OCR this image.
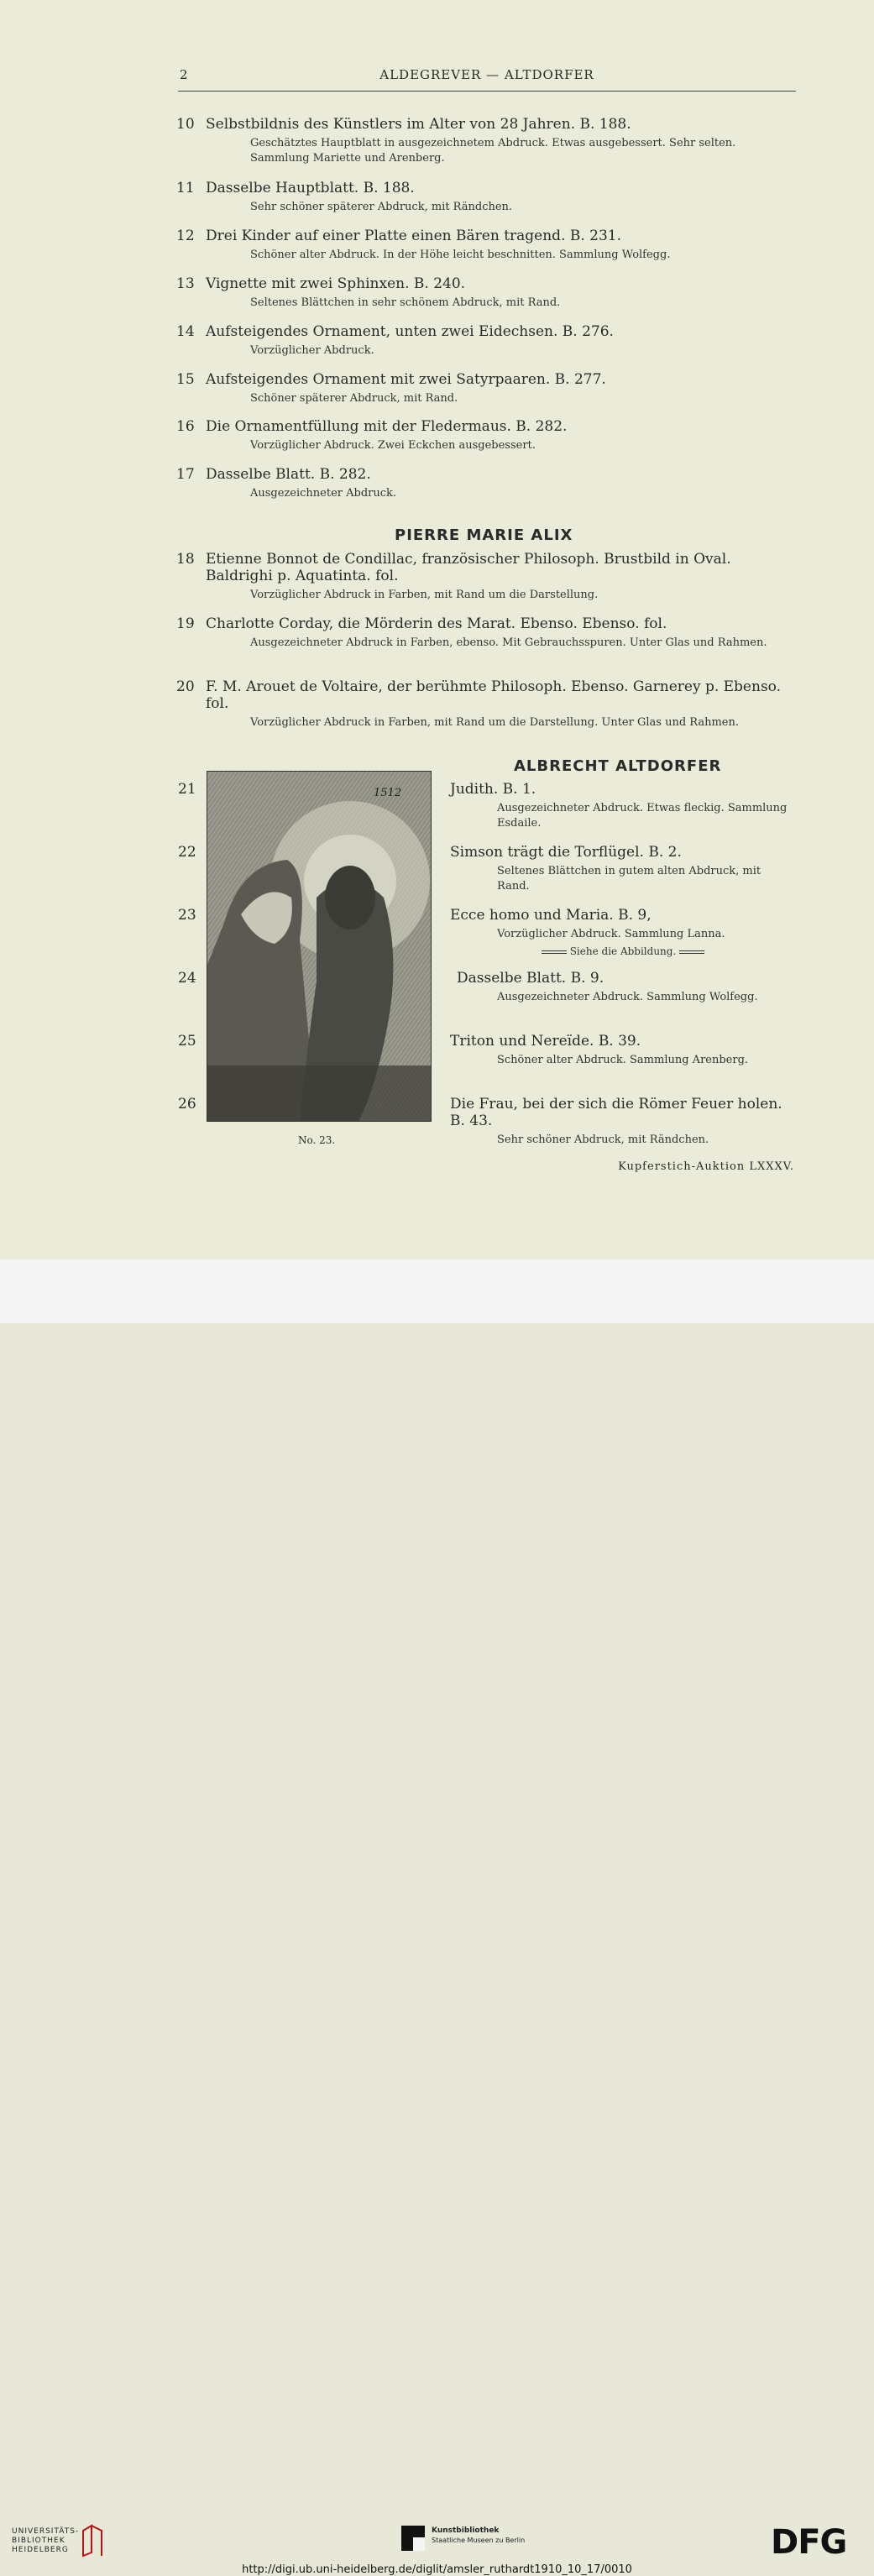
2	ALDEGREVER — ALTDORFER
10 Selbstbildnis des Künstlers im Alter von 28 Jahren. B. 188.
Geschätztes Hauptblatt in ausgezeichnetem Abdruck. Etwas ausgebessert. Sehr selten. Sammlung Mariette und Arenberg.
11 Dasselbe Hauptblatt. B. 188.
Sehr schöner späterer Abdruck, mit Rändchen.
12 Drei Kinder auf einer Platte einen Bären tragend. B. 231.
Schöner alter Abdruck. In der Höhe leicht beschnitten. Sammlung Wolfegg.
13 Vignette mit zwei Sphinxen. B. 240.
Seltenes Blättchen in sehr schönem Abdruck, mit Rand.
14 Aufsteigendes Ornament, unten zwei Eidechsen. B. 276.
Vorzüglicher Abdruck.
15 Aufsteigendes Ornament mit zwei Satyrpaaren. B. 277.
Schöner späterer Abdruck, mit Rand.
16 Die Ornamentfüllung mit der Fledermaus. B. 282.
Vorzüglicher Abdruck. Zwei Eckchen ausgebessert.
17 Dasselbe Blatt. B. 282.
Ausgezeichneter Abdruck.
PIERRE MARIE ALIX
18 Etienne Bonnot de Condillac, französischer Philosoph. Brustbild in Oval. Baldrighi p. Aquatinta. fol.
Vorzüglicher Abdruck in Farben, mit Rand um die Darstellung.
19 Charlotte Corday, die Mörderin des Marat. Ebenso. Ebenso. fol.
Ausgezeichneter Abdruck in Farben, ebenso. Mit Gebrauchsspuren. Unter Glas und Rahmen.
20 F. M. Arouet de Voltaire, der berühmte Philosoph. Ebenso. Garnerey p. Ebenso. fol.
Vorzüglicher Abdruck in Farben, mit Rand um die Darstellung. Unter Glas und Rahmen.
ALBRECHT ALTDORFER
1512
No. 23.
21
22
23
24
25
26
Judith. B. 1.
Ausgezeichneter Abdruck. Etwas fleckig. Sammlung Esdaile.
Simson trägt die Torflügel. B. 2.
Seltenes Blättchen in gutem alten Abdruck, mit Rand.
Ecce homo und Maria. B. 9,
Vorzüglicher Abdruck. Sammlung Lanna.
Siehe die Abbildung.
Dasselbe Blatt. B. 9.
Ausgezeichneter Abdruck. Sammlung Wolfegg.
Triton und Nereïde. B. 39.
Schöner alter Abdruck. Sammlung Arenberg.
Die Frau, bei der sich die Römer Feuer holen. B. 43.
Sehr schöner Abdruck, mit Rändchen.
Kupferstich-Auktion LXXXV.
UNIVERSITÄTS-
BIBLIOTHEK
HEIDELBERG
Kunstbibliothek
Staatliche Museen zu Berlin	DFG
http://digi.ub.uni-heidelberg.de/diglit/amsler_ruthardt1910_10_17/0010
